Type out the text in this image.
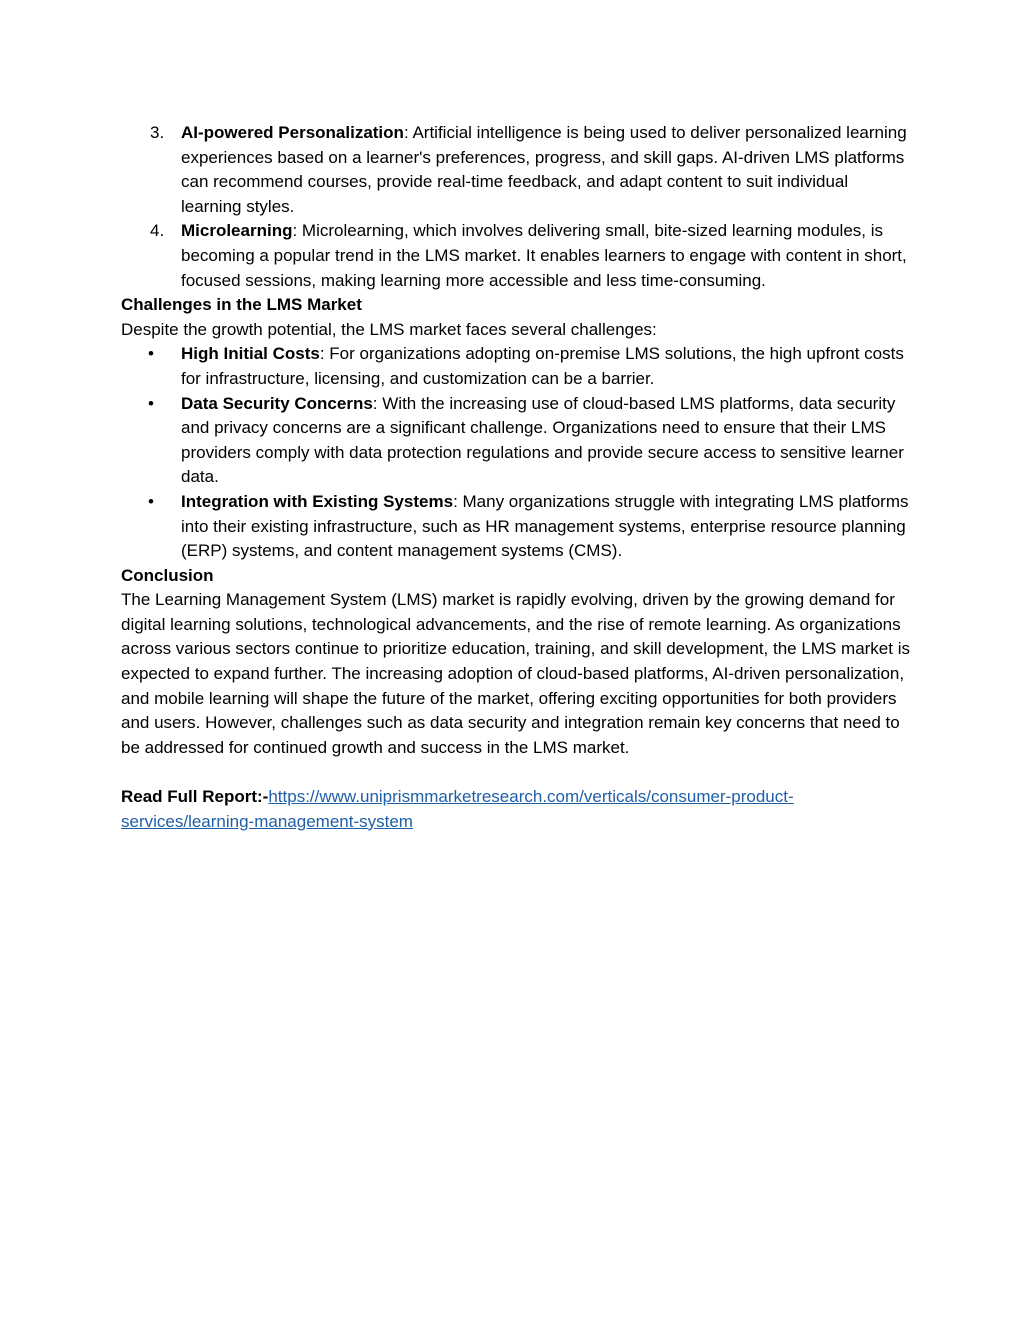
3. AI-powered Personalization: Artificial intelligence is being used to deliver personalized learning experiences based on a learner's preferences, progress, and skill gaps. AI-driven LMS platforms can recommend courses, provide real-time feedback, and adapt content to suit individual learning styles.
4. Microlearning: Microlearning, which involves delivering small, bite-sized learning modules, is becoming a popular trend in the LMS market. It enables learners to engage with content in short, focused sessions, making learning more accessible and less time-consuming.

Challenges in the LMS Market

Despite the growth potential, the LMS market faces several challenges:

• High Initial Costs: For organizations adopting on-premise LMS solutions, the high upfront costs for infrastructure, licensing, and customization can be a barrier.
• Data Security Concerns: With the increasing use of cloud-based LMS platforms, data security and privacy concerns are a significant challenge. Organizations need to ensure that their LMS providers comply with data protection regulations and provide secure access to sensitive learner data.
• Integration with Existing Systems: Many organizations struggle with integrating LMS platforms into their existing infrastructure, such as HR management systems, enterprise resource planning (ERP) systems, and content management systems (CMS).

Conclusion

The Learning Management System (LMS) market is rapidly evolving, driven by the growing demand for digital learning solutions, technological advancements, and the rise of remote learning. As organizations across various sectors continue to prioritize education, training, and skill development, the LMS market is expected to expand further. The increasing adoption of cloud-based platforms, AI-driven personalization, and mobile learning will shape the future of the market, offering exciting opportunities for both providers and users. However, challenges such as data security and integration remain key concerns that need to be addressed for continued growth and success in the LMS market.

Read Full Report:-https://www.uniprismmarketresearch.com/verticals/consumer-product-services/learning-management-system
